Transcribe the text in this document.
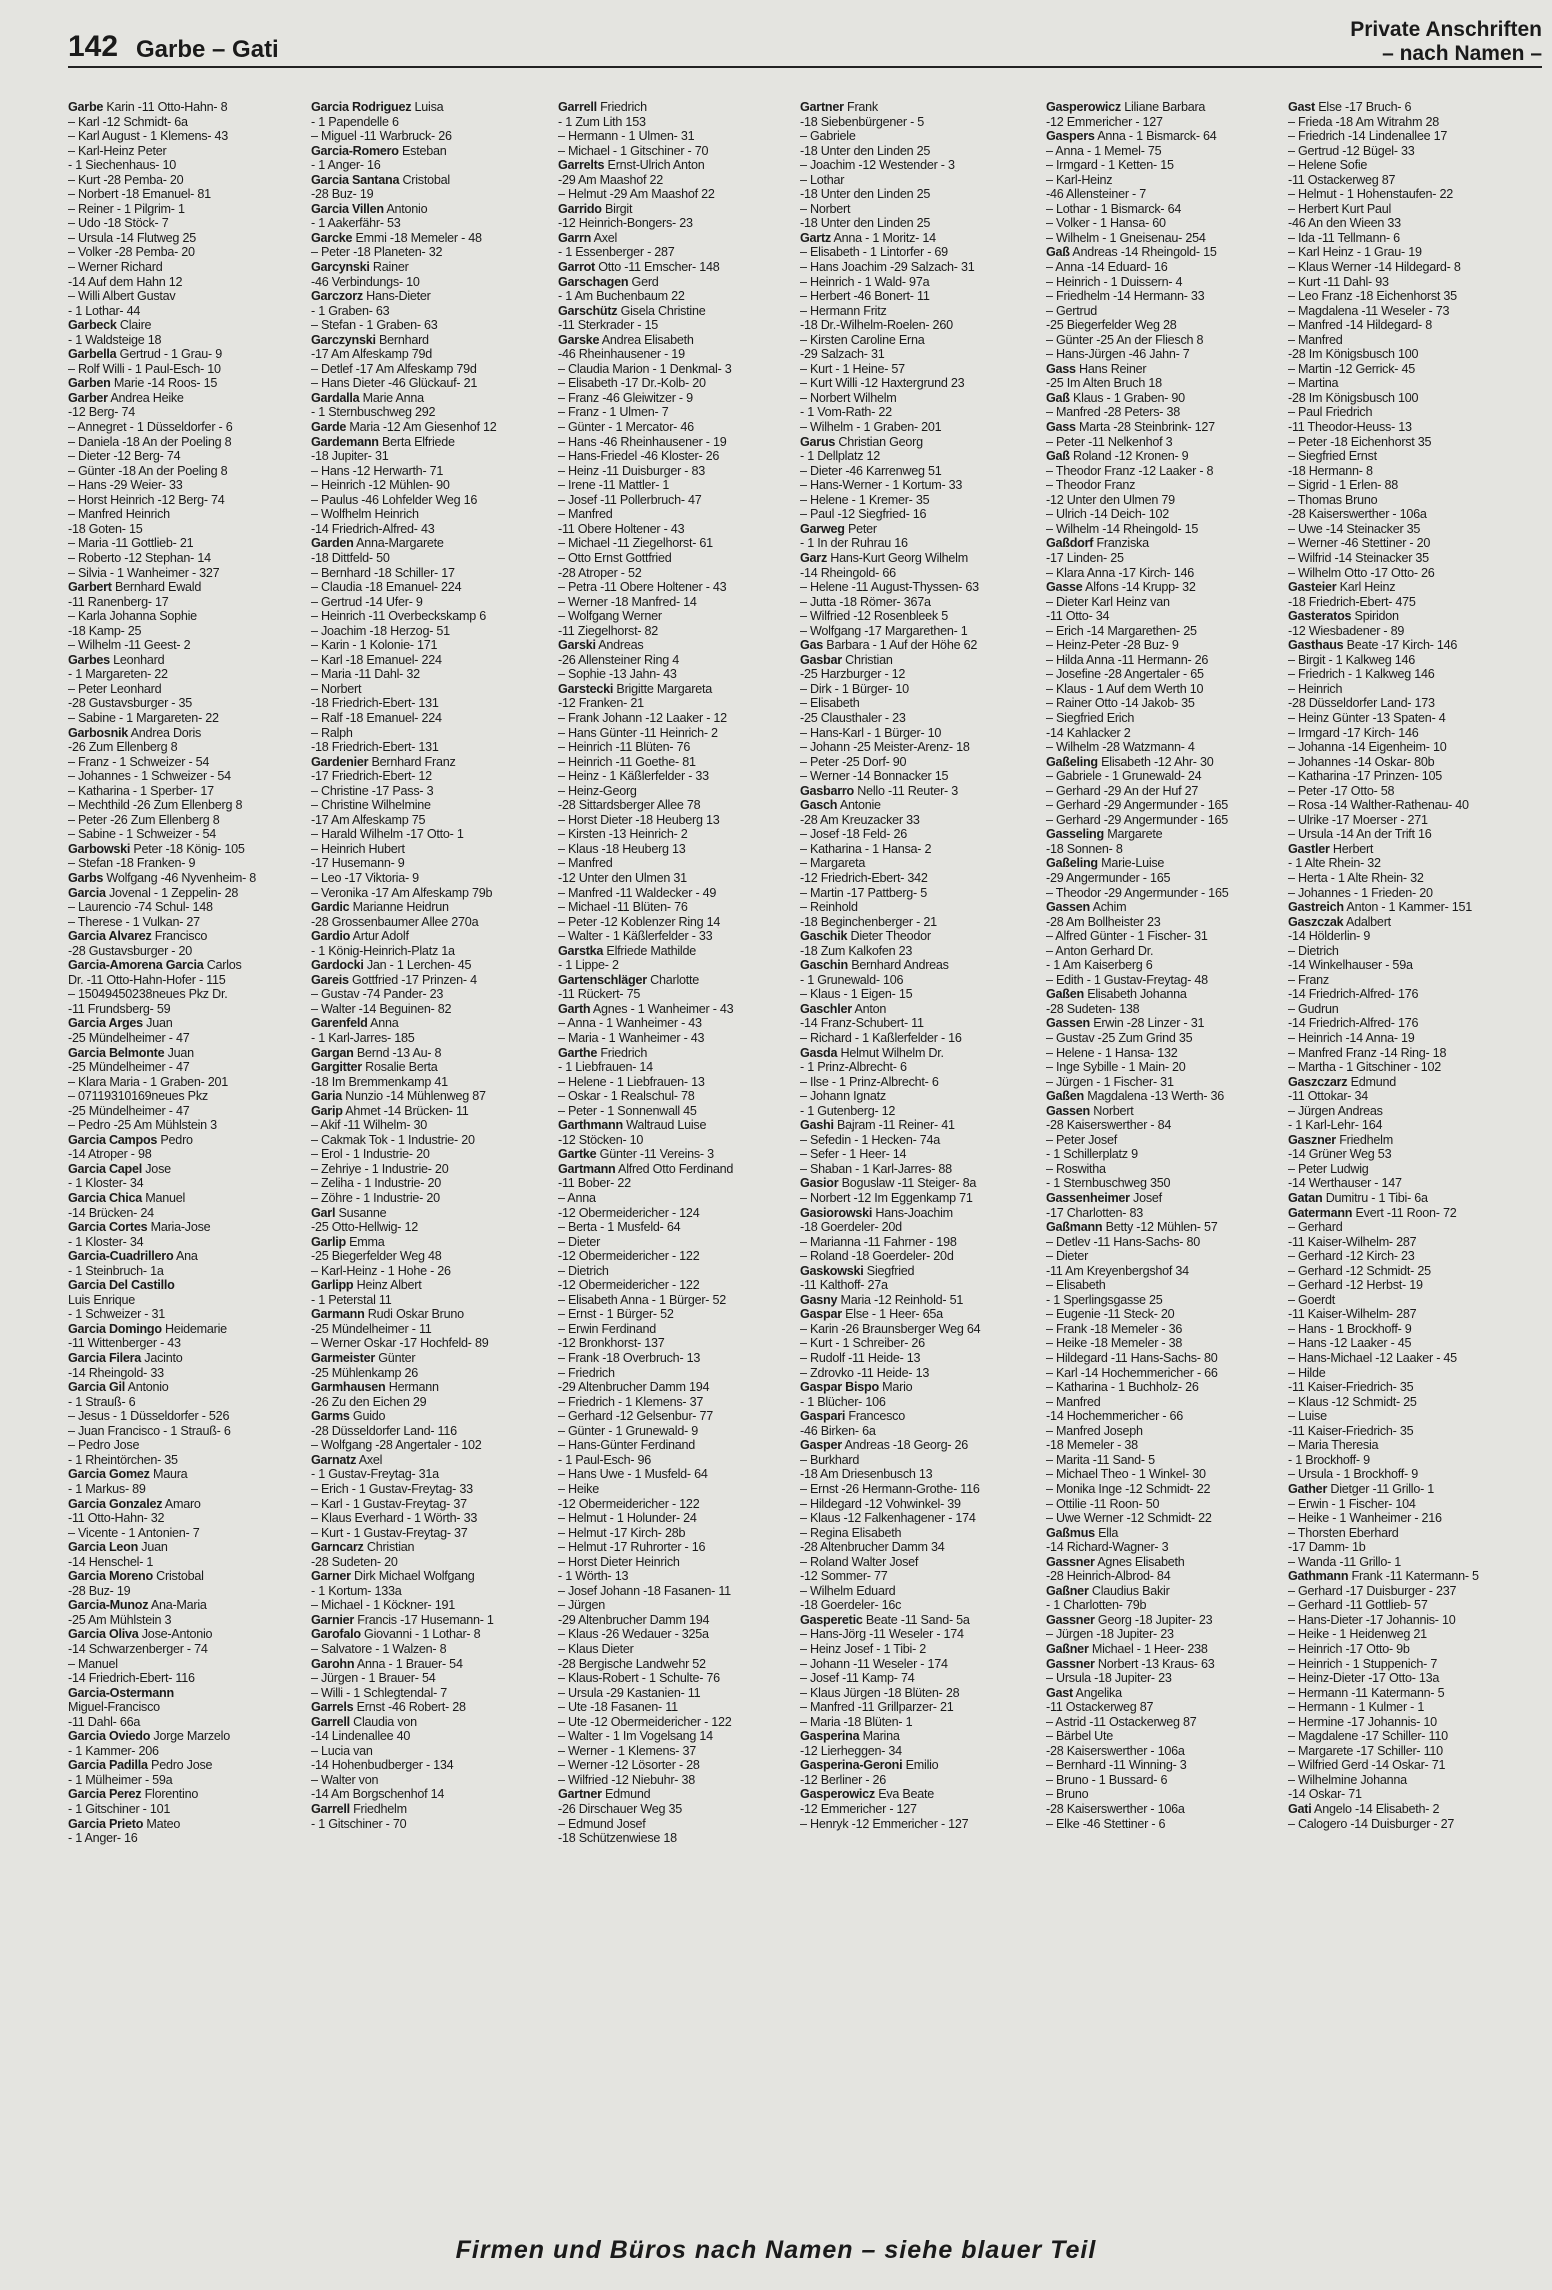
142 Garbe – Gati
Private Anschriften
– nach Namen –
Garbe Karin -11 Otto-Hahn- 8
– Karl -12 Schmidt- 6a
– Karl August - 1 Klemens- 43
– Karl-Heinz Peter
- 1 Siechenhaus- 10
– Kurt -28 Pemba- 20
– Norbert -18 Emanuel- 81
– Reiner - 1 Pilgrim- 1
– Udo -18 Stöck- 7
– Ursula -14 Flutweg 25
– Volker -28 Pemba- 20
– Werner Richard
-14 Auf dem Hahn 12
– Willi Albert Gustav
- 1 Lothar- 44
Garbeck Claire
- 1 Waldsteige 18
Garbella Gertrud - 1 Grau- 9
– Rolf Willi - 1 Paul-Esch- 10
Garben Marie -14 Roos- 15
Garber Andrea Heike
-12 Berg- 74
– Annegret - 1 Düsseldorfer - 6
– Daniela -18 An der Poeling 8
– Dieter -12 Berg- 74
– Günter -18 An der Poeling 8
– Hans -29 Weier- 33
– Horst Heinrich -12 Berg- 74
– Manfred Heinrich
-18 Goten- 15
– Maria -11 Gottlieb- 21
– Roberto -12 Stephan- 14
– Silvia - 1 Wanheimer - 327
Garbert Bernhard Ewald
-11 Ranenberg- 17
– Karla Johanna Sophie
-18 Kamp- 25
– Wilhelm -11 Geest- 2
Garbes Leonhard
- 1 Margareten- 22
– Peter Leonhard
-28 Gustavsburger - 35
– Sabine - 1 Margareten- 22
Garbosnik Andrea Doris
-26 Zum Ellenberg 8
– Franz - 1 Schweizer - 54
– Johannes - 1 Schweizer - 54
– Katharina - 1 Sperber- 17
– Mechthild -26 Zum Ellenberg 8
– Peter -26 Zum Ellenberg 8
– Sabine - 1 Schweizer - 54
Garbowski Peter -18 König- 105
– Stefan -18 Franken- 9
Garbs Wolfgang -46 Nyvenheim- 8
Garcia Jovenal - 1 Zeppelin- 28
– Laurencio -74 Schul- 148
– Therese - 1 Vulkan- 27
Garcia Alvarez Francisco
-28 Gustavsburger - 20
Garcia-Amorena Garcia Carlos
Dr. -11 Otto-Hahn-Hofer - 115
– 15049450238neues Pkz Dr.
-11 Frundsberg- 59
Garcia Arges Juan
-25 Mündelheimer - 47
Garcia Belmonte Juan
-25 Mündelheimer - 47
– Klara Maria - 1 Graben- 201
– 07119310169neues Pkz
-25 Mündelheimer - 47
– Pedro -25 Am Mühlstein 3
Garcia Campos Pedro
-14 Atroper - 98
Garcia Capel Jose
- 1 Kloster- 34
Garcia Chica Manuel
-14 Brücken- 24
Garcia Cortes Maria-Jose
- 1 Kloster- 34
Garcia-Cuadrillero Ana
- 1 Steinbruch- 1a
Garcia Del Castillo
Luis Enrique
- 1 Schweizer - 31
Garcia Domingo Heidemarie
-11 Wittenberger - 43
Garcia Filera Jacinto
-14 Rheingold- 33
Garcia Gil Antonio
- 1 Strauß- 6
– Jesus - 1 Düsseldorfer - 526
– Juan Francisco - 1 Strauß- 6
– Pedro Jose
- 1 Rheintörchen- 35
Garcia Gomez Maura
- 1 Markus- 89
Garcia Gonzalez Amaro
-11 Otto-Hahn- 32
– Vicente - 1 Antonien- 7
Garcia Leon Juan
-14 Henschel- 1
Garcia Moreno Cristobal
-28 Buz- 19
Garcia-Munoz Ana-Maria
-25 Am Mühlstein 3
Garcia Oliva Jose-Antonio
-14 Schwarzenberger - 74
– Manuel
-14 Friedrich-Ebert- 116
Garcia-Ostermann
Miguel-Francisco
-11 Dahl- 66a
Garcia Oviedo Jorge Marzelo
- 1 Kammer- 206
Garcia Padilla Pedro Jose
- 1 Mülheimer - 59a
Garcia Perez Florentino
- 1 Gitschiner - 101
Garcia Prieto Mateo
- 1 Anger- 16
Garcia Rodriguez Luisa
- 1 Papendelle 6
– Miguel -11 Warbruck- 26
Garcia-Romero Esteban
- 1 Anger- 16
Garcia Santana Cristobal
-28 Buz- 19
Garcia Villen Antonio
- 1 Aakerfähr- 53
Garcke Emmi -18 Memeler - 48
– Peter -18 Planeten- 32
Garcynski Rainer
-46 Verbindungs- 10
Garczorz Hans-Dieter
- 1 Graben- 63
– Stefan - 1 Graben- 63
Garczynski Bernhard
-17 Am Alfeskamp 79d
– Detlef -17 Am Alfeskamp 79d
– Hans Dieter -46 Glückauf- 21
Gardalla Marie Anna
- 1 Sternbuschweg 292
Garde Maria -12 Am Giesenhof 12
Gardemann Berta Elfriede
-18 Jupiter- 31
– Hans -12 Herwarth- 71
– Heinrich -12 Mühlen- 90
– Paulus -46 Lohfelder Weg 16
– Wolfhelm Heinrich
-14 Friedrich-Alfred- 43
Garden Anna-Margarete
-18 Dittfeld- 50
– Bernhard -18 Schiller- 17
– Claudia -18 Emanuel- 224
– Gertrud -14 Ufer- 9
– Heinrich -11 Overbeckskamp 6
– Joachim -18 Herzog- 51
– Karin - 1 Kolonie- 171
– Karl -18 Emanuel- 224
– Maria -11 Dahl- 32
– Norbert
-18 Friedrich-Ebert- 131
– Ralf -18 Emanuel- 224
– Ralph
-18 Friedrich-Ebert- 131
Gardenier Bernhard Franz
-17 Friedrich-Ebert- 12
– Christine -17 Pass- 3
– Christine Wilhelmine
-17 Am Alfeskamp 75
– Harald Wilhelm -17 Otto- 1
– Heinrich Hubert
-17 Husemann- 9
– Leo -17 Viktoria- 9
– Veronika -17 Am Alfeskamp 79b
Gardic Marianne Heidrun
-28 Grossenbaumer Allee 270a
Gardio Artur Adolf
- 1 König-Heinrich-Platz 1a
Gardocki Jan - 1 Lerchen- 45
Gareis Gottfried -17 Prinzen- 4
– Gustav -74 Pander- 23
– Walter -14 Beguinen- 82
Garenfeld Anna
- 1 Karl-Jarres- 185
Gargan Bernd -13 Au- 8
Gargitter Rosalie Berta
-18 Im Bremmenkamp 41
Garia Nunzio -14 Mühlenweg 87
Garip Ahmet -14 Brücken- 11
– Akif -11 Wilhelm- 30
– Cakmak Tok - 1 Industrie- 20
– Erol - 1 Industrie- 20
– Zehriye - 1 Industrie- 20
– Zeliha - 1 Industrie- 20
– Zöhre - 1 Industrie- 20
Garl Susanne
-25 Otto-Hellwig- 12
Garlip Emma
-25 Biegerfelder Weg 48
– Karl-Heinz - 1 Hohe - 26
Garlipp Heinz Albert
- 1 Peterstal 11
Garmann Rudi Oskar Bruno
-25 Mündelheimer - 11
– Werner Oskar -17 Hochfeld- 89
Garmeister Günter
-25 Mühlenkamp 26
Garmhausen Hermann
-26 Zu den Eichen 29
Garms Guido
-28 Düsseldorfer Land- 116
– Wolfgang -28 Angertaler - 102
Garnatz Axel
- 1 Gustav-Freytag- 31a
– Erich - 1 Gustav-Freytag- 33
– Karl - 1 Gustav-Freytag- 37
– Klaus Everhard - 1 Wörth- 33
– Kurt - 1 Gustav-Freytag- 37
Garncarz Christian
-28 Sudeten- 20
Garner Dirk Michael Wolfgang
- 1 Kortum- 133a
– Michael - 1 Köckner- 191
Garnier Francis -17 Husemann- 1
Garofalo Giovanni - 1 Lothar- 8
– Salvatore - 1 Walzen- 8
Garohn Anna - 1 Brauer- 54
– Jürgen - 1 Brauer- 54
– Willi - 1 Schlegtendal- 7
Garrels Ernst -46 Robert- 28
Garrell Claudia von
-14 Lindenallee 40
– Lucia van
-14 Hohenbudberger - 134
– Walter von
-14 Am Borgschenhof 14
Garrell Friedhelm
- 1 Gitschiner - 70
Garrell Friedrich
- 1 Zum Lith 153
– Hermann - 1 Ulmen- 31
– Michael - 1 Gitschiner - 70
Garrelts Ernst-Ulrich Anton
-29 Am Maashof 22
– Helmut -29 Am Maashof 22
Garrido Birgit
-12 Heinrich-Bongers- 23
Garrn Axel
- 1 Essenberger - 287
Garrot Otto -11 Emscher- 148
Garschagen Gerd
- 1 Am Buchenbaum 22
Garschütz Gisela Christine
-11 Sterkrader - 15
Garske Andrea Elisabeth
-46 Rheinhausener - 19
– Claudia Marion - 1 Denkmal- 3
– Elisabeth -17 Dr.-Kolb- 20
– Franz -46 Gleiwitzer - 9
– Franz - 1 Ulmen- 7
– Günter - 1 Mercator- 46
– Hans -46 Rheinhausener - 19
– Hans-Friedel -46 Kloster- 26
– Heinz -11 Duisburger - 83
– Irene -11 Mattler- 1
– Josef -11 Pollerbruch- 47
– Manfred
-11 Obere Holtener - 43
– Michael -11 Ziegelhorst- 61
– Otto Ernst Gottfried
-28 Atroper - 52
– Petra -11 Obere Holtener - 43
– Werner -18 Manfred- 14
– Wolfgang Werner
-11 Ziegelhorst- 82
Garski Andreas
-26 Allensteiner Ring 4
– Sophie -13 Jahn- 43
Garstecki Brigitte Margareta
-12 Franken- 21
– Frank Johann -12 Laaker - 12
– Hans Günter -11 Heinrich- 2
– Heinrich -11 Blüten- 76
– Heinrich -11 Goethe- 81
– Heinz - 1 Käßlerfelder - 33
– Heinz-Georg
-28 Sittardsberger Allee 78
– Horst Dieter -18 Heuberg 13
– Kirsten -13 Heinrich- 2
– Klaus -18 Heuberg 13
– Manfred
-12 Unter den Ulmen 31
– Manfred -11 Waldecker - 49
– Michael -11 Blüten- 76
– Peter -12 Koblenzer Ring 14
– Walter - 1 Käßlerfelder - 33
Garstka Elfriede Mathilde
- 1 Lippe- 2
Gartenschläger Charlotte
-11 Rückert- 75
Garth Agnes - 1 Wanheimer - 43
– Anna - 1 Wanheimer - 43
– Maria - 1 Wanheimer - 43
Garthe Friedrich
- 1 Liebfrauen- 14
– Helene - 1 Liebfrauen- 13
– Oskar - 1 Realschul- 78
– Peter - 1 Sonnenwall 45
Garthmann Waltraud Luise
-12 Stöcken- 10
Gartke Günter -11 Vereins- 3
Gartmann Alfred Otto Ferdinand
-11 Bober- 22
– Anna
-12 Obermeidericher - 124
– Berta - 1 Musfeld- 64
– Dieter
-12 Obermeidericher - 122
– Dietrich
-12 Obermeidericher - 122
– Elisabeth Anna - 1 Bürger- 52
– Ernst - 1 Bürger- 52
– Erwin Ferdinand
-12 Bronkhorst- 137
– Frank -18 Overbruch- 13
– Friedrich
-29 Altenbrucher Damm 194
– Friedrich - 1 Klemens- 37
– Gerhard -12 Gelsenbur- 77
– Günter - 1 Grunewald- 9
– Hans-Günter Ferdinand
- 1 Paul-Esch- 96
– Hans Uwe - 1 Musfeld- 64
– Heike
-12 Obermeidericher - 122
– Helmut - 1 Holunder- 24
– Helmut -17 Kirch- 28b
– Helmut -17 Ruhrorter - 16
– Horst Dieter Heinrich
- 1 Wörth- 13
– Josef Johann -18 Fasanen- 11
– Jürgen
-29 Altenbrucher Damm 194
– Klaus -26 Wedauer - 325a
– Klaus Dieter
-28 Bergische Landwehr 52
– Klaus-Robert - 1 Schulte- 76
– Ursula -29 Kastanien- 11
– Ute -18 Fasanen- 11
– Ute -12 Obermeidericher - 122
– Walter - 1 Im Vogelsang 14
– Werner - 1 Klemens- 37
– Werner -12 Lösorter - 28
– Wilfried -12 Niebuhr- 38
Gartner Edmund
-26 Dirschauer Weg 35
– Edmund Josef
-18 Schützenwiese 18
Gartner Frank
-18 Siebenbürgener - 5
– Gabriele
-18 Unter den Linden 25
– Joachim -12 Westender - 3
– Lothar
-18 Unter den Linden 25
– Norbert
-18 Unter den Linden 25
Gartz Anna - 1 Moritz- 14
– Elisabeth - 1 Lintorfer - 69
– Hans Joachim -29 Salzach- 31
– Heinrich - 1 Wald- 97a
– Herbert -46 Bonert- 11
– Hermann Fritz
-18 Dr.-Wilhelm-Roelen- 260
– Kirsten Caroline Erna
-29 Salzach- 31
– Kurt - 1 Heine- 57
– Kurt Willi -12 Haxtergrund 23
– Norbert Wilhelm
- 1 Vom-Rath- 22
– Wilhelm - 1 Graben- 201
Garus Christian Georg
- 1 Dellplatz 12
– Dieter -46 Karrenweg 51
– Hans-Werner - 1 Kortum- 33
– Helene - 1 Kremer- 35
– Paul -12 Siegfried- 16
Garweg Peter
- 1 In der Ruhrau 16
Garz Hans-Kurt Georg Wilhelm
-14 Rheingold- 66
– Helene -11 August-Thyssen- 63
– Jutta -18 Römer- 367a
– Wilfried -12 Rosenbleek 5
– Wolfgang -17 Margarethen- 1
Gas Barbara - 1 Auf der Höhe 62
Gasbar Christian
-25 Harzburger - 12
– Dirk - 1 Bürger- 10
– Elisabeth
-25 Clausthaler - 23
– Hans-Karl - 1 Bürger- 10
– Johann -25 Meister-Arenz- 18
– Peter -25 Dorf- 90
– Werner -14 Bonnacker 15
Gasbarro Nello -11 Reuter- 3
Gasch Antonie
-28 Am Kreuzacker 33
– Josef -18 Feld- 26
– Katharina - 1 Hansa- 2
– Margareta
-12 Friedrich-Ebert- 342
– Martin -17 Pattberg- 5
– Reinhold
-18 Beginchenberger - 21
Gaschik Dieter Theodor
-18 Zum Kalkofen 23
Gaschin Bernhard Andreas
- 1 Grunewald- 106
– Klaus - 1 Eigen- 15
Gaschler Anton
-14 Franz-Schubert- 11
– Richard - 1 Kaßlerfelder - 16
Gasda Helmut Wilhelm Dr.
- 1 Prinz-Albrecht- 6
– Ilse - 1 Prinz-Albrecht- 6
– Johann Ignatz
- 1 Gutenberg- 12
Gashi Bajram -11 Reiner- 41
– Sefedin - 1 Hecken- 74a
– Sefer - 1 Heer- 14
– Shaban - 1 Karl-Jarres- 88
Gasior Boguslaw -11 Steiger- 8a
– Norbert -12 Im Eggenkamp 71
Gasiorowski Hans-Joachim
-18 Goerdeler- 20d
– Marianna -11 Fahrner - 198
– Roland -18 Goerdeler- 20d
Gaskowski Siegfried
-11 Kalthoff- 27a
Gasny Maria -12 Reinhold- 51
Gaspar Else - 1 Heer- 65a
– Karin -26 Braunsberger Weg 64
– Kurt - 1 Schreiber- 26
– Rudolf -11 Heide- 13
– Zdrovko -11 Heide- 13
Gaspar Bispo Mario
- 1 Blücher- 106
Gaspari Francesco
-46 Birken- 6a
Gasper Andreas -18 Georg- 26
– Burkhard
-18 Am Driesenbusch 13
– Ernst -26 Hermann-Grothe- 116
– Hildegard -12 Vohwinkel- 39
– Klaus -12 Falkenhagener - 174
– Regina Elisabeth
-28 Altenbrucher Damm 34
– Roland Walter Josef
-12 Sommer- 77
– Wilhelm Eduard
-18 Goerdeler- 16c
Gasperetic Beate -11 Sand- 5a
– Hans-Jörg -11 Weseler - 174
– Heinz Josef - 1 Tibi- 2
– Johann -11 Weseler - 174
– Josef -11 Kamp- 74
– Klaus Jürgen -18 Blüten- 28
– Manfred -11 Grillparzer- 21
– Maria -18 Blüten- 1
Gasperina Marina
-12 Lierheggen- 34
Gasperina-Geroni Emilio
-12 Berliner - 26
Gasperowicz Eva Beate
-12 Emmericher - 127
– Henryk -12 Emmericher - 127
Gasperowicz Liliane Barbara
-12 Emmericher - 127
Gaspers Anna - 1 Bismarck- 64
– Anna - 1 Memel- 75
– Irmgard - 1 Ketten- 15
– Karl-Heinz
-46 Allensteiner - 7
– Lothar - 1 Bismarck- 64
– Volker - 1 Hansa- 60
– Wilhelm - 1 Gneisenau- 254
Gaß Andreas -14 Rheingold- 15
– Anna -14 Eduard- 16
– Heinrich - 1 Duissern- 4
– Friedhelm -14 Hermann- 33
– Gertrud
-25 Biegerfelder Weg 28
– Günter -25 An der Fliesch 8
– Hans-Jürgen -46 Jahn- 7
Gass Hans Reiner
-25 Im Alten Bruch 18
Gaß Klaus - 1 Graben- 90
– Manfred -28 Peters- 38
Gass Marta -28 Steinbrink- 127
– Peter -11 Nelkenhof 3
Gaß Roland -12 Kronen- 9
– Theodor Franz -12 Laaker - 8
– Theodor Franz
-12 Unter den Ulmen 79
– Ulrich -14 Deich- 102
– Wilhelm -14 Rheingold- 15
Gaßdorf Franziska
-17 Linden- 25
– Klara Anna -17 Kirch- 146
Gasse Alfons -14 Krupp- 32
– Dieter Karl Heinz van
-11 Otto- 34
– Erich -14 Margarethen- 25
– Heinz-Peter -28 Buz- 9
– Hilda Anna -11 Hermann- 26
– Josefine -28 Angertaler - 65
– Klaus - 1 Auf dem Werth 10
– Rainer Otto -14 Jakob- 35
– Siegfried Erich
-14 Kahlacker 2
– Wilhelm -28 Watzmann- 4
Gaßeling Elisabeth -12 Ahr- 30
– Gabriele - 1 Grunewald- 24
– Gerhard -29 An der Huf 27
– Gerhard -29 Angermunder - 165
– Gerhard -29 Angermunder - 165
Gasseling Margarete
-18 Sonnen- 8
Gaßeling Marie-Luise
-29 Angermunder - 165
– Theodor -29 Angermunder - 165
Gassen Achim
-28 Am Bollheister 23
– Alfred Günter - 1 Fischer- 31
– Anton Gerhard Dr.
- 1 Am Kaiserberg 6
– Edith - 1 Gustav-Freytag- 48
Gaßen Elisabeth Johanna
-28 Sudeten- 138
Gassen Erwin -28 Linzer - 31
– Gustav -25 Zum Grind 35
– Helene - 1 Hansa- 132
– Inge Sybille - 1 Main- 20
– Jürgen - 1 Fischer- 31
Gaßen Magdalena -13 Werth- 36
Gassen Norbert
-28 Kaiserswerther - 84
– Peter Josef
- 1 Schillerplatz 9
– Roswitha
- 1 Sternbuschweg 350
Gassenheimer Josef
-17 Charlotten- 83
Gaßmann Betty -12 Mühlen- 57
– Detlev -11 Hans-Sachs- 80
– Dieter
-11 Am Kreyenbergshof 34
– Elisabeth
- 1 Sperlingsgasse 25
– Eugenie -11 Steck- 20
– Frank -18 Memeler - 36
– Heike -18 Memeler - 38
– Hildegard -11 Hans-Sachs- 80
– Karl -14 Hochemmericher - 66
– Katharina - 1 Buchholz- 26
– Manfred
-14 Hochemmericher - 66
– Manfred Joseph
-18 Memeler - 38
– Marita -11 Sand- 5
– Michael Theo - 1 Winkel- 30
– Monika Inge -12 Schmidt- 22
– Ottilie -11 Roon- 50
– Uwe Werner -12 Schmidt- 22
Gaßmus Ella
-14 Richard-Wagner- 3
Gassner Agnes Elisabeth
-28 Heinrich-Albrod- 84
Gaßner Claudius Bakir
- 1 Charlotten- 79b
Gassner Georg -18 Jupiter- 23
– Jürgen -18 Jupiter- 23
Gaßner Michael - 1 Heer- 238
Gassner Norbert -13 Kraus- 63
– Ursula -18 Jupiter- 23
Gast Angelika
-11 Ostackerweg 87
– Astrid -11 Ostackerweg 87
– Bärbel Ute
-28 Kaiserswerther - 106a
– Bernhard -11 Winning- 3
– Bruno - 1 Bussard- 6
– Bruno
-28 Kaiserswerther - 106a
– Elke -46 Stettiner - 6
Gast Else -17 Bruch- 6
– Frieda -18 Am Witrahm 28
– Friedrich -14 Lindenallee 17
– Gertrud -12 Bügel- 33
– Helene Sofie
-11 Ostackerweg 87
– Helmut - 1 Hohenstaufen- 22
– Herbert Kurt Paul
-46 An den Wieen 33
– Ida -11 Tellmann- 6
– Karl Heinz - 1 Grau- 19
– Klaus Werner -14 Hildegard- 8
– Kurt -11 Dahl- 93
– Leo Franz -18 Eichenhorst 35
– Magdalena -11 Weseler - 73
– Manfred -14 Hildegard- 8
– Manfred
-28 Im Königsbusch 100
– Martin -12 Gerrick- 45
– Martina
-28 Im Königsbusch 100
– Paul Friedrich
-11 Theodor-Heuss- 13
– Peter -18 Eichenhorst 35
– Siegfried Ernst
-18 Hermann- 8
– Sigrid - 1 Erlen- 88
– Thomas Bruno
-28 Kaiserswerther - 106a
– Uwe -14 Steinacker 35
– Werner -46 Stettiner - 20
– Wilfrid -14 Steinacker 35
– Wilhelm Otto -17 Otto- 26
Gasteier Karl Heinz
-18 Friedrich-Ebert- 475
Gasteratos Spiridon
-12 Wiesbadener - 89
Gasthaus Beate -17 Kirch- 146
– Birgit - 1 Kalkweg 146
– Friedrich - 1 Kalkweg 146
– Heinrich
-28 Düsseldorfer Land- 173
– Heinz Günter -13 Spaten- 4
– Irmgard -17 Kirch- 146
– Johanna -14 Eigenheim- 10
– Johannes -14 Oskar- 80b
– Katharina -17 Prinzen- 105
– Peter -17 Otto- 58
– Rosa -14 Walther-Rathenau- 40
– Ulrike -17 Moerser - 271
– Ursula -14 An der Trift 16
Gastler Herbert
- 1 Alte Rhein- 32
– Herta - 1 Alte Rhein- 32
– Johannes - 1 Frieden- 20
Gastreich Anton - 1 Kammer- 151
Gaszczak Adalbert
-14 Hölderlin- 9
– Dietrich
-14 Winkelhauser - 59a
– Franz
-14 Friedrich-Alfred- 176
– Gudrun
-14 Friedrich-Alfred- 176
– Heinrich -14 Anna- 19
– Manfred Franz -14 Ring- 18
– Martha - 1 Gitschiner - 102
Gaszczarz Edmund
-11 Ottokar- 34
– Jürgen Andreas
- 1 Karl-Lehr- 164
Gaszner Friedhelm
-14 Grüner Weg 53
– Peter Ludwig
-14 Werthauser - 147
Gatan Dumitru - 1 Tibi- 6a
Gatermann Evert -11 Roon- 72
– Gerhard
-11 Kaiser-Wilhelm- 287
– Gerhard -12 Kirch- 23
– Gerhard -12 Schmidt- 25
– Gerhard -12 Herbst- 19
– Goerdt
-11 Kaiser-Wilhelm- 287
– Hans - 1 Brockhoff- 9
– Hans -12 Laaker - 45
– Hans-Michael -12 Laaker - 45
– Hilde
-11 Kaiser-Friedrich- 35
– Klaus -12 Schmidt- 25
– Luise
-11 Kaiser-Friedrich- 35
– Maria Theresia
- 1 Brockhoff- 9
– Ursula - 1 Brockhoff- 9
Gather Dietger -11 Grillo- 1
– Erwin - 1 Fischer- 104
– Heike - 1 Wanheimer - 216
– Thorsten Eberhard
-17 Damm- 1b
– Wanda -11 Grillo- 1
Gathmann Frank -11 Katermann- 5
– Gerhard -17 Duisburger - 237
– Gerhard -11 Gottlieb- 57
– Hans-Dieter -17 Johannis- 10
– Heike - 1 Heidenweg 21
– Heinrich -17 Otto- 9b
– Heinrich - 1 Stuppenich- 7
– Heinz-Dieter -17 Otto- 13a
– Hermann -11 Katermann- 5
– Hermann - 1 Kulmer - 1
– Hermine -17 Johannis- 10
– Magdalene -17 Schiller- 110
– Margarete -17 Schiller- 110
– Wilfried Gerd -14 Oskar- 71
– Wilhelmine Johanna
-14 Oskar- 71
Gati Angelo -14 Elisabeth- 2
– Calogero -14 Duisburger - 27
Firmen und Büros nach Namen – siehe blauer Teil
